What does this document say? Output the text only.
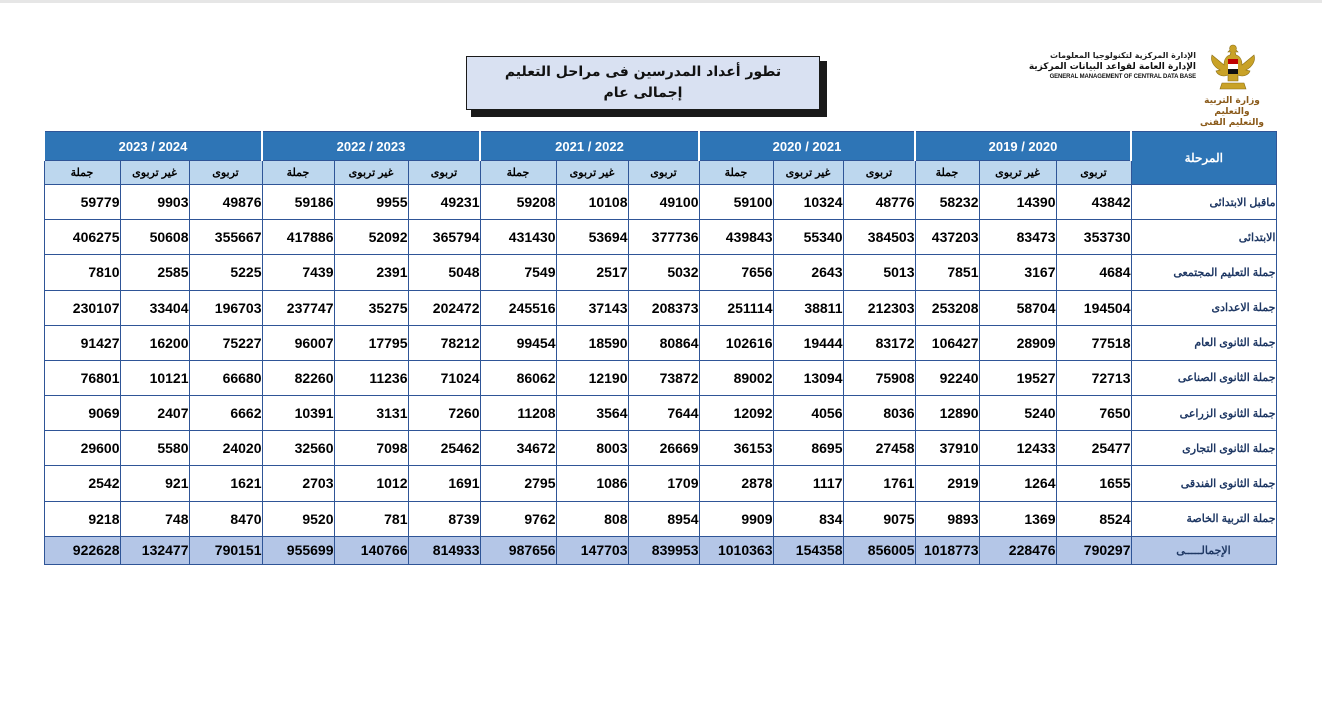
الإدارة المركزية لتكنولوجيا المعلومات
الإدارة العامة لقواعد البيانات المركزية
GENERAL MANAGEMENT OF CENTRAL DATA BASE
وزارة التربية والتعليم
والتعليم الفنى
تطور أعداد المدرسين فى مراحل التعليم
إجمالى عام
2023 / 2024			2022 / 2023			2021 / 2022			2020 / 2021			2019 / 2020			المرحلة
جملة	غير تربوى	تربوى	جملة	غير تربوى	تربوى	جملة	غير تربوى	تربوى	جملة	غير تربوى	تربوى	جملة	غير تربوى	تربوى	
59779	9903	49876	59186	9955	49231	59208	10108	49100	59100	10324	48776	58232	14390	43842	ماقبل الابتدائى
406275	50608	355667	417886	52092	365794	431430	53694	377736	439843	55340	384503	437203	83473	353730	الابتدائى
7810	2585	5225	7439	2391	5048	7549	2517	5032	7656	2643	5013	7851	3167	4684	جملة التعليم المجتمعى
230107	33404	196703	237747	35275	202472	245516	37143	208373	251114	38811	212303	253208	58704	194504	جملة الاعدادى
91427	16200	75227	96007	17795	78212	99454	18590	80864	102616	19444	83172	106427	28909	77518	جملة الثانوى العام
76801	10121	66680	82260	11236	71024	86062	12190	73872	89002	13094	75908	92240	19527	72713	جملة الثانوى الصناعى
9069	2407	6662	10391	3131	7260	11208	3564	7644	12092	4056	8036	12890	5240	7650	جملة الثانوى الزراعى
29600	5580	24020	32560	7098	25462	34672	8003	26669	36153	8695	27458	37910	12433	25477	جملة الثانوى التجارى
2542	921	1621	2703	1012	1691	2795	1086	1709	2878	1117	1761	2919	1264	1655	جملة الثانوى الفندقى
9218	748	8470	9520	781	8739	9762	808	8954	9909	834	9075	9893	1369	8524	جملة التربية الخاصة
922628	132477	790151	955699	140766	814933	987656	147703	839953	1010363	154358	856005	1018773	228476	790297	الإجمالـــــى
